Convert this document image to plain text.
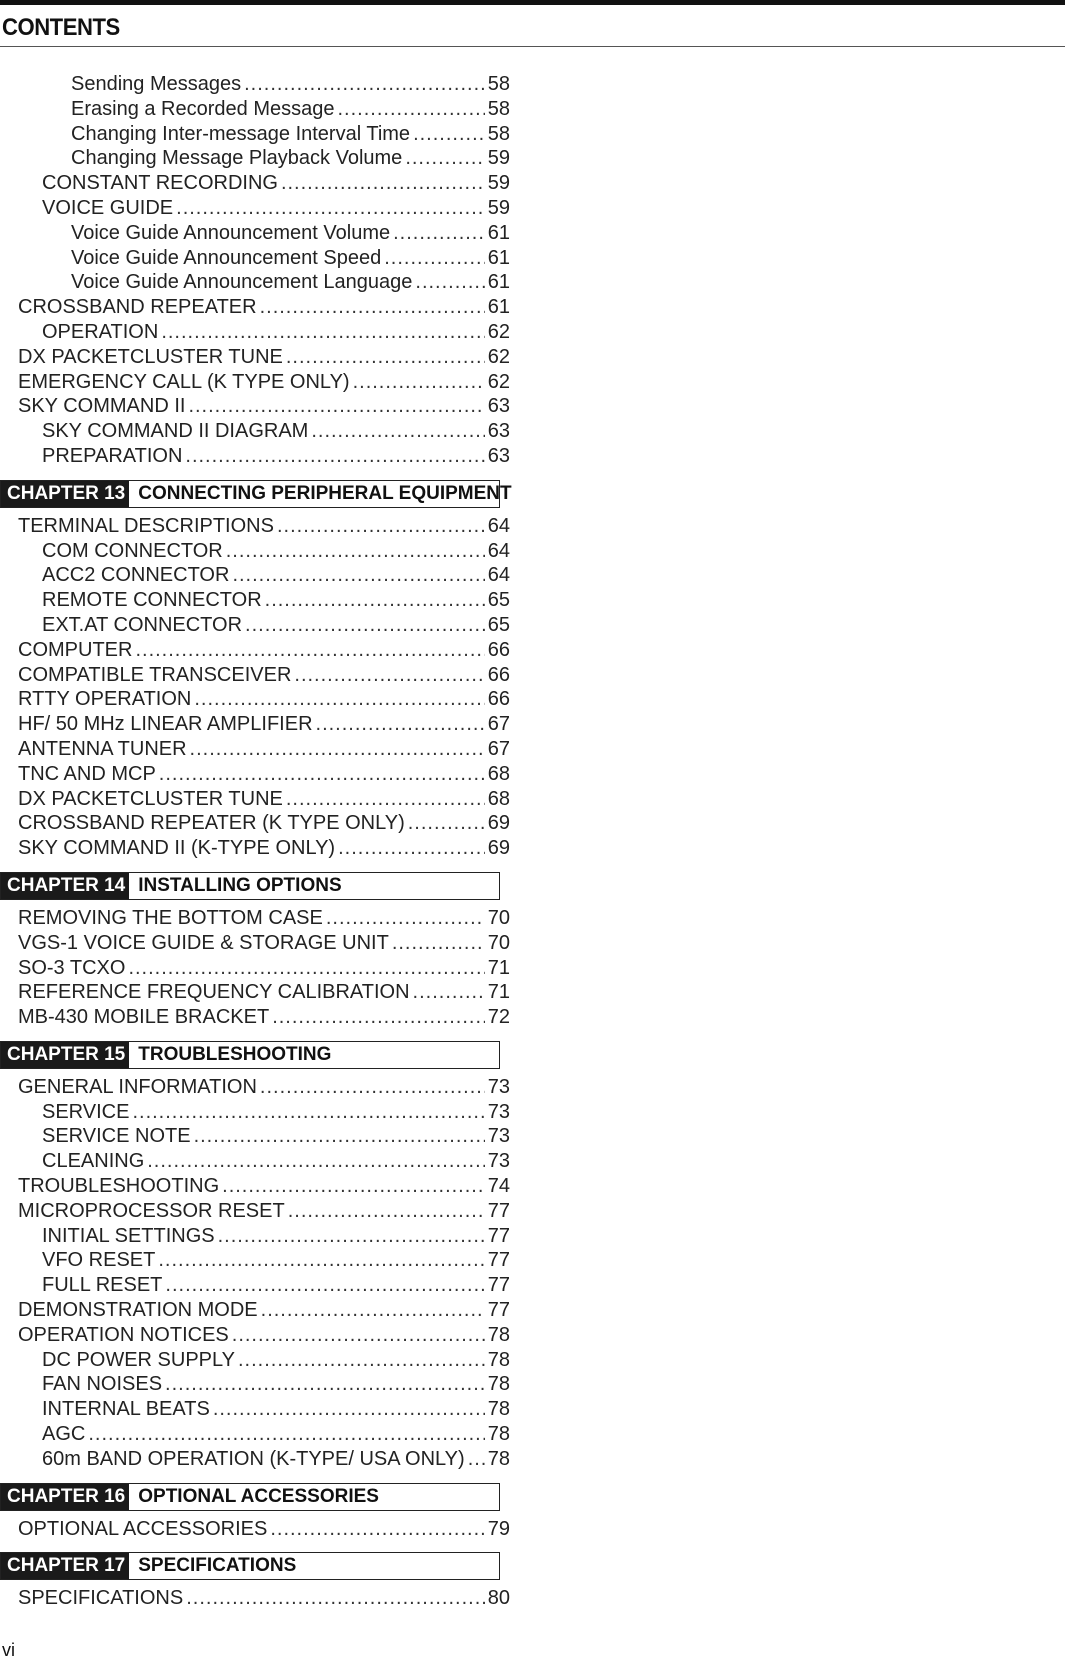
CONTENTS
Sending Messages .....	58
Erasing a Recorded Message .....	58
Changing Inter-message Interval Time .....	58
Changing Message Playback Volume .....	59
CONSTANT RECORDING .....	59
VOICE GUIDE .....	59
Voice Guide Announcement Volume .....	61
Voice Guide Announcement Speed .....	61
Voice Guide Announcement Language .....	61
CROSSBAND REPEATER .....	61
OPERATION .....	62
DX PACKETCLUSTER TUNE .....	62
EMERGENCY CALL (K TYPE ONLY) .....	62
SKY COMMAND II .....	63
SKY COMMAND II DIAGRAM .....	63
PREPARATION .....	63
CHAPTER 13 CONNECTING PERIPHERAL EQUIPMENT
TERMINAL DESCRIPTIONS .....	64
COM CONNECTOR .....	64
ACC2 CONNECTOR .....	64
REMOTE CONNECTOR .....	65
EXT.AT CONNECTOR .....	65
COMPUTER .....	66
COMPATIBLE TRANSCEIVER .....	66
RTTY OPERATION .....	66
HF/ 50 MHz LINEAR AMPLIFIER .....	67
ANTENNA TUNER .....	67
TNC AND MCP .....	68
DX PACKETCLUSTER TUNE .....	68
CROSSBAND REPEATER (K TYPE ONLY) .....	69
SKY COMMAND II (K-TYPE ONLY) .....	69
CHAPTER 14 INSTALLING OPTIONS
REMOVING THE BOTTOM CASE .....	70
VGS-1 VOICE GUIDE & STORAGE UNIT .....	70
SO-3 TCXO .....	71
REFERENCE FREQUENCY CALIBRATION .....	71
MB-430 MOBILE BRACKET .....	72
CHAPTER 15 TROUBLESHOOTING
GENERAL INFORMATION .....	73
SERVICE .....	73
SERVICE NOTE .....	73
CLEANING .....	73
TROUBLESHOOTING .....	74
MICROPROCESSOR RESET .....	77
INITIAL SETTINGS .....	77
VFO RESET .....	77
FULL RESET .....	77
DEMONSTRATION MODE .....	77
OPERATION NOTICES .....	78
DC POWER SUPPLY .....	78
FAN NOISES .....	78
INTERNAL BEATS .....	78
AGC .....	78
60m BAND OPERATION (K-TYPE/ USA ONLY) ..... 78
CHAPTER 16 OPTIONAL ACCESSORIES
OPTIONAL ACCESSORIES .....	79
CHAPTER 17 SPECIFICATIONS
SPECIFICATIONS .....	80
vi
